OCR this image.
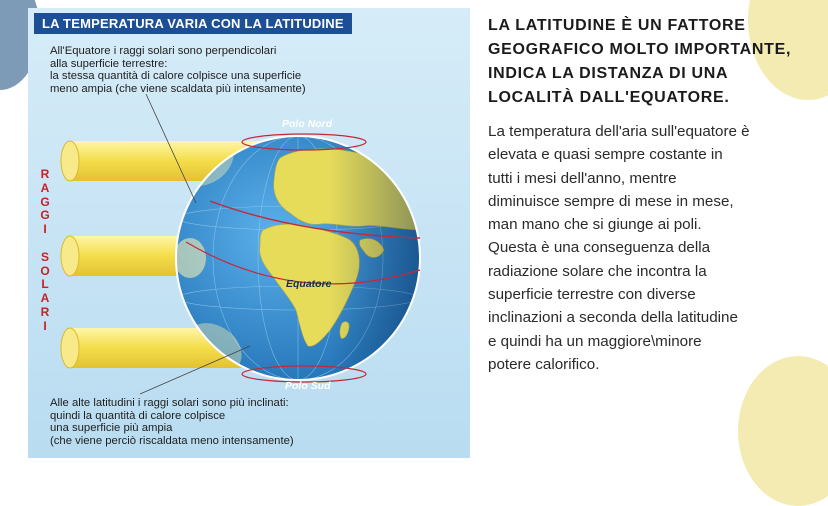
LA TEMPERATURA VARIA CON LA LATITUDINE
All'Equatore i raggi solari sono perpendicolari
alla superficie terrestre:
la stessa quantità di calore colpisce una superficie
meno ampia (che viene scaldata più intensamente)
R
A
G
G
I

S
O
L
A
R
I
Polo Nord
Equatore
Polo Sud
Alle alte latitudini i raggi solari sono più inclinati:
quindi la quantità di calore colpisce
una superficie più ampia
(che viene perciò riscaldata meno intensamente)
LA LATITUDINE È UN FATTORE
GEOGRAFICO MOLTO IMPORTANTE,
INDICA LA DISTANZA DI UNA
LOCALITÀ DALL'EQUATORE.
La temperatura dell'aria sull'equatore è
elevata e quasi sempre costante in
tutti i mesi dell'anno, mentre
diminuisce sempre di mese in mese,
man mano che si giunge ai poli.
Questa è una conseguenza della
radiazione solare che incontra la
superficie terrestre con diverse
inclinazioni a seconda della latitudine
e quindi ha un maggiore\minore
potere calorifico.
